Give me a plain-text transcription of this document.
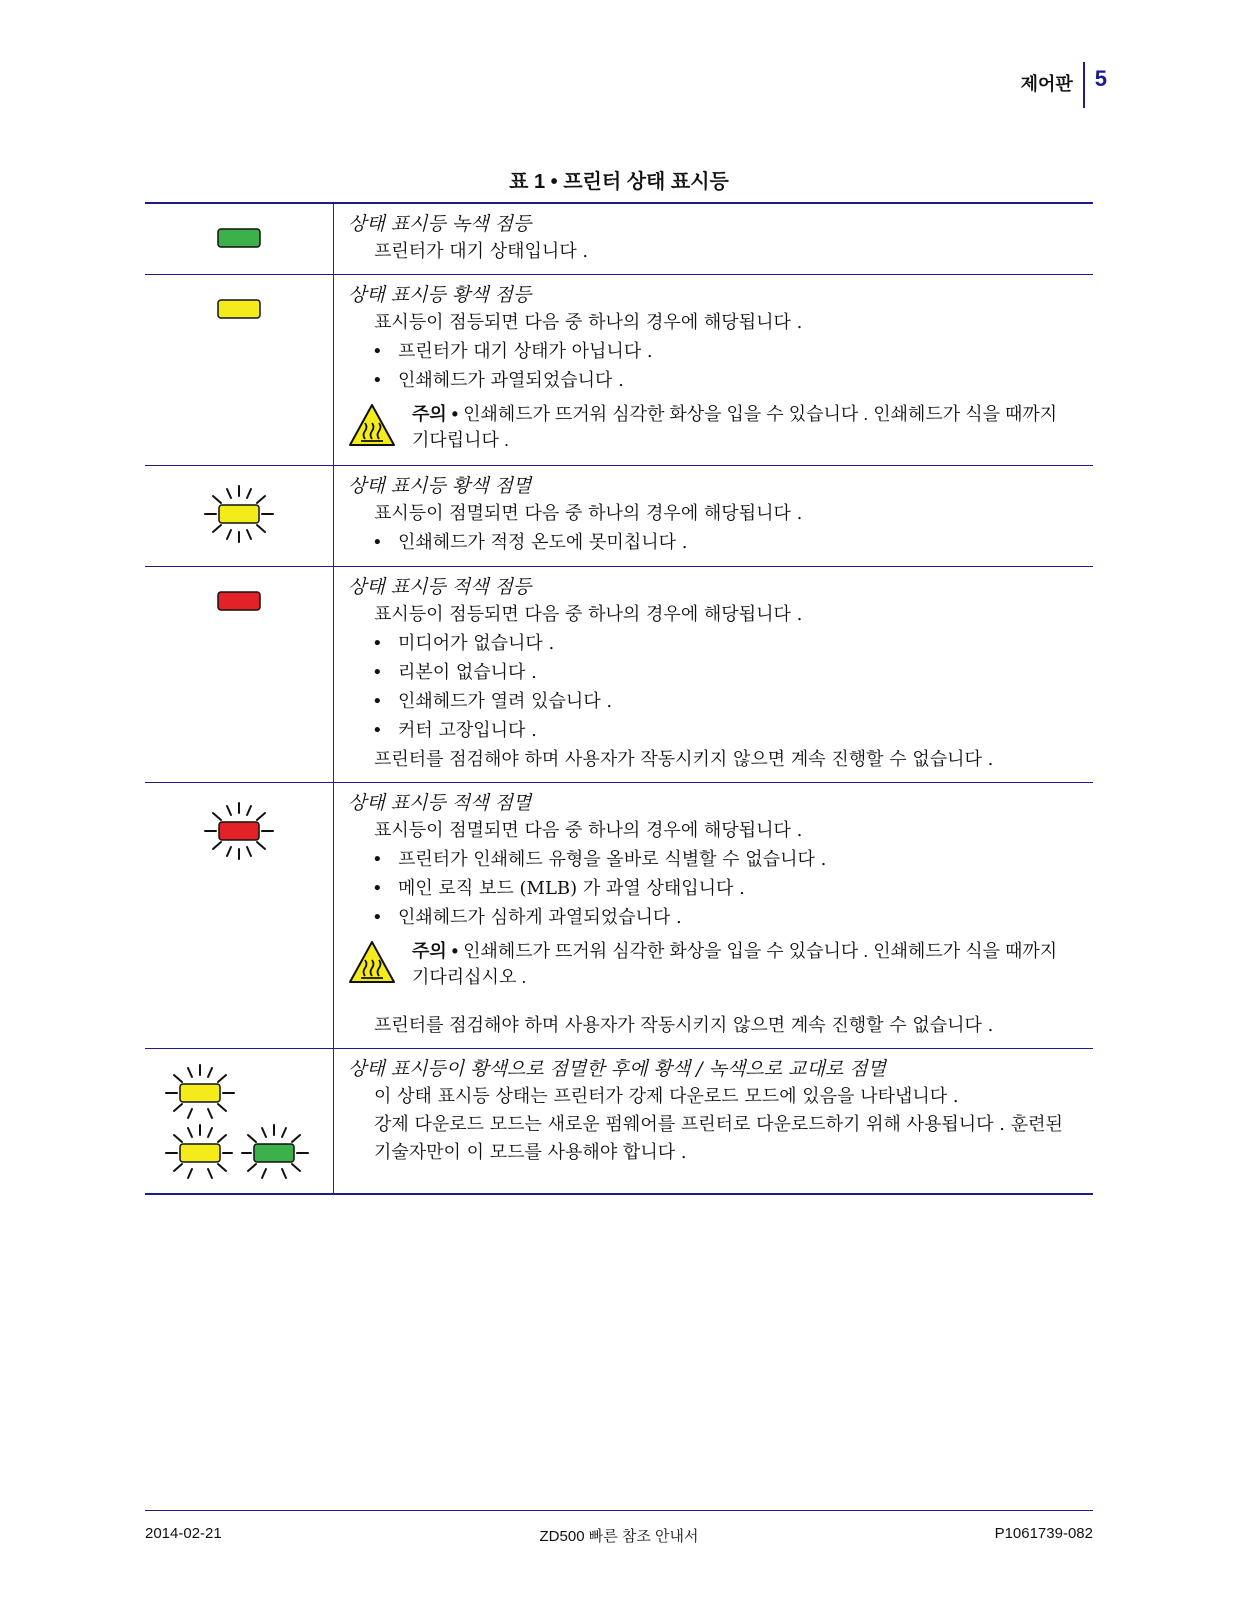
제어판 5
표 1 • 프린터 상태 표시등
상태 표시등 녹색 점등
프린터가 대기 상태입니다 .
상태 표시등 황색 점등
표시등이 점등되면 다음 중 하나의 경우에 해당됩니다 .
• 프린터가 대기 상태가 아닙니다 .
• 인쇄헤드가 과열되었습니다 .
주의 • 인쇄헤드가 뜨거워 심각한 화상을 입을 수 있습니다 . 인쇄헤드가 식을 때까지 기다립니다 .
상태 표시등 황색 점멸
표시등이 점멸되면 다음 중 하나의 경우에 해당됩니다 .
• 인쇄헤드가 적정 온도에 못미칩니다 .
상태 표시등 적색 점등
표시등이 점등되면 다음 중 하나의 경우에 해당됩니다 .
• 미디어가 없습니다 .
• 리본이 없습니다 .
• 인쇄헤드가 열려 있습니다 .
• 커터 고장입니다 .
프린터를 점검해야 하며 사용자가 작동시키지 않으면 계속 진행할 수 없습니다 .
상태 표시등 적색 점멸
표시등이 점멸되면 다음 중 하나의 경우에 해당됩니다 .
• 프린터가 인쇄헤드 유형을 올바로 식별할 수 없습니다 .
• 메인 로직 보드 (MLB) 가 과열 상태입니다 .
• 인쇄헤드가 심하게 과열되었습니다 .
주의 • 인쇄헤드가 뜨거워 심각한 화상을 입을 수 있습니다 . 인쇄헤드가 식을 때까지 기다리십시오 .
프린터를 점검해야 하며 사용자가 작동시키지 않으면 계속 진행할 수 없습니다 .
상태 표시등이 황색으로 점멸한 후에 황색 / 녹색으로 교대로 점멸
이 상태 표시등 상태는 프린터가 강제 다운로드 모드에 있음을 나타냅니다 .
강제 다운로드 모드는 새로운 펌웨어를 프린터로 다운로드하기 위해 사용됩니다 . 훈련된 기술자만이 이 모드를 사용해야 합니다 .
2014-02-21	ZD500 빠른 참조 안내서	P1061739-082
